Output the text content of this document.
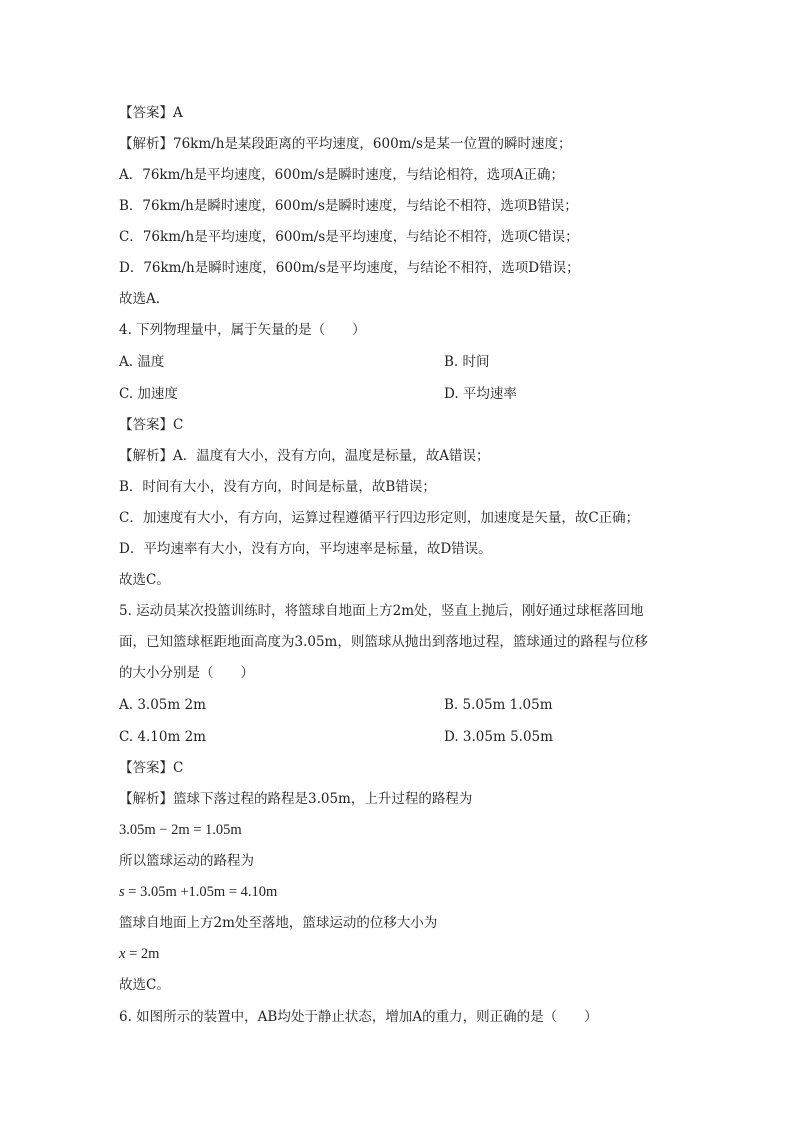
【答案】A
【解析】76km/h是某段距离的平均速度，600m/s是某一位置的瞬时速度；
A．76km/h是平均速度，600m/s是瞬时速度，与结论相符，选项A正确；
B．76km/h是瞬时速度，600m/s是瞬时速度，与结论不相符，选项B错误；
C．76km/h是平均速度，600m/s是平均速度，与结论不相符，选项C错误；
D．76km/h是瞬时速度，600m/s是平均速度，与结论不相符，选项D错误；
故选A.
4. 下列物理量中，属于矢量的是（　　）
A. 温度	B. 时间
C. 加速度	D. 平均速率
【答案】C
【解析】A．温度有大小，没有方向，温度是标量，故A错误；
B．时间有大小，没有方向，时间是标量，故B错误；
C．加速度有大小，有方向，运算过程遵循平行四边形定则，加速度是矢量，故C正确；
D．平均速率有大小，没有方向，平均速率是标量，故D错误。
故选C。
5. 运动员某次投篮训练时，将篮球自地面上方2m处，竖直上抛后，刚好通过球框落回地
面，已知篮球框距地面高度为3.05m，则篮球从抛出到落地过程，篮球通过的路程与位移
的大小分别是（　　）
A. 3.05m 2m	B. 5.05m 1.05m
C. 4.10m 2m	D. 3.05m 5.05m
【答案】C
【解析】篮球下落过程的路程是3.05m，上升过程的路程为
3.05m − 2m = 1.05m
所以篮球运动的路程为
s = 3.05m +1.05m = 4.10m
篮球自地面上方2m处至落地，篮球运动的位移大小为
x = 2m
故选C。
6. 如图所示的装置中，AB均处于静止状态，增加A的重力，则正确的是（　　）
